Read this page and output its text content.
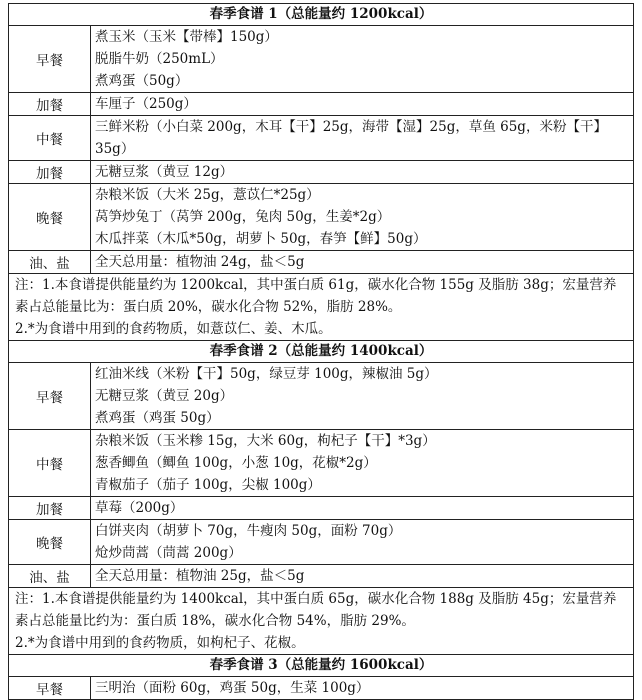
春季食谱 1（总能量约 1200kcal）	
早餐	煮玉米（玉米【带棒】150g）
脱脂牛奶（250mL）
煮鸡蛋（50g）

加餐	车厘子（250g）

中餐	三鲜米粉（小白菜 200g，木耳【干】25g，海带【湿】25g，草鱼 65g，米粉【干】35g）

加餐	无糖豆浆（黄豆 12g）

晚餐	杂粮米饭（大米 25g，薏苡仁*25g）
莴笋炒兔丁（莴笋 200g，兔肉 50g，生姜*2g）
木瓜拌菜（木瓜*50g，胡萝卜 50g，春笋【鲜】50g）

油、盐	全天总用量：植物油 24g，盐＜5g

注：1.本食谱提供能量约为 1200kcal，其中蛋白质 61g，碳水化合物 155g 及脂肪 38g；宏量营养素占总能量比为：蛋白质 20%，碳水化合物 52%，脂肪 28%。
2.*为食谱中用到的食药物质，如薏苡仁、姜、木瓜。	

春季食谱 2（总能量约 1400kcal）	
早餐	红油米线（米粉【干】50g，绿豆芽 100g，辣椒油 5g）
无糖豆浆（黄豆 20g）
煮鸡蛋（鸡蛋 50g）

中餐	杂粮米饭（玉米糁 15g，大米 60g，枸杞子【干】*3g）
葱香鲫鱼（鲫鱼 100g，小葱 10g，花椒*2g）
青椒茄子（茄子 100g，尖椒 100g）

加餐	草莓（200g）

晚餐	白饼夹肉（胡萝卜 70g，牛瘦肉 50g，面粉 70g）
炝炒茼蒿（茼蒿 200g）

油、盐	全天总用量：植物油 25g，盐＜5g

注：1.本食谱提供能量约为 1400kcal，其中蛋白质 65g，碳水化合物 188g 及脂肪 45g；宏量营养素占总能量比约为：蛋白质 18%，碳水化合物 54%，脂肪 29%。
2.*为食谱中用到的食药物质，如枸杞子、花椒。	

春季食谱 3（总能量约 1600kcal）	
早餐	三明治（面粉 60g，鸡蛋 50g，生菜 100g）
